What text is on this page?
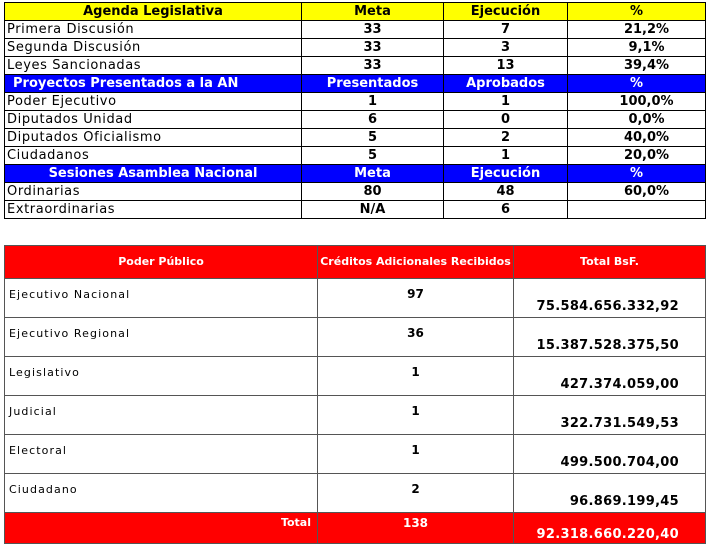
Agenda Legislativa	Meta	Ejecución	%
Primera Discusión	33	7	21,2%
Segunda Discusión	33	3	9,1%
Leyes Sancionadas	33	13	39,4%
Proyectos Presentados a la AN	Presentados	Aprobados	%
Poder Ejecutivo	1	1	100,0%
Diputados Unidad	6	0	0,0%
Diputados Oficialismo	5	2	40,0%
Ciudadanos	5	1	20,0%
Sesiones Asamblea Nacional	Meta	Ejecución	%
Ordinarias	80	48	60,0%
Extraordinarias	N/A	6	
Poder Público	Créditos Adicionales Recibidos	Total BsF.
Ejecutivo Nacional	97	75.584.656.332,92
Ejecutivo Regional	36	15.387.528.375,50
Legislativo	1	427.374.059,00
Judicial	1	322.731.549,53
Electoral	1	499.500.704,00
Ciudadano	2	96.869.199,45
Total	138	92.318.660.220,40
